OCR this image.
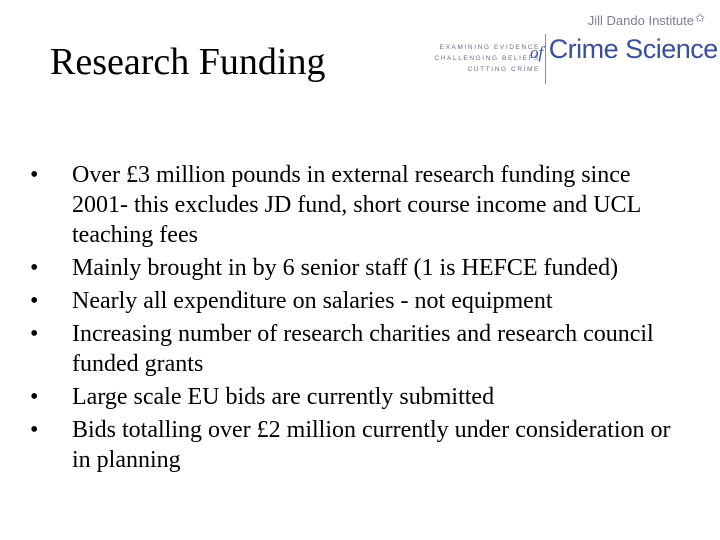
Research Funding	EXAMINING EVIDENCE
CHALLENGING BELIEFS
CUTTING CRIME
Jill Dando Institute ✩
of Crime Science
•	Over £3 million pounds in external research funding since 2001- this excludes JD fund, short course income and UCL teaching fees
•	Mainly brought in by 6 senior staff (1 is HEFCE funded)
•	Nearly all expenditure on salaries - not equipment
•	Increasing number of research charities and research council funded grants
•	Large scale EU bids are currently submitted
•	Bids totalling over £2 million currently under consideration or in planning
